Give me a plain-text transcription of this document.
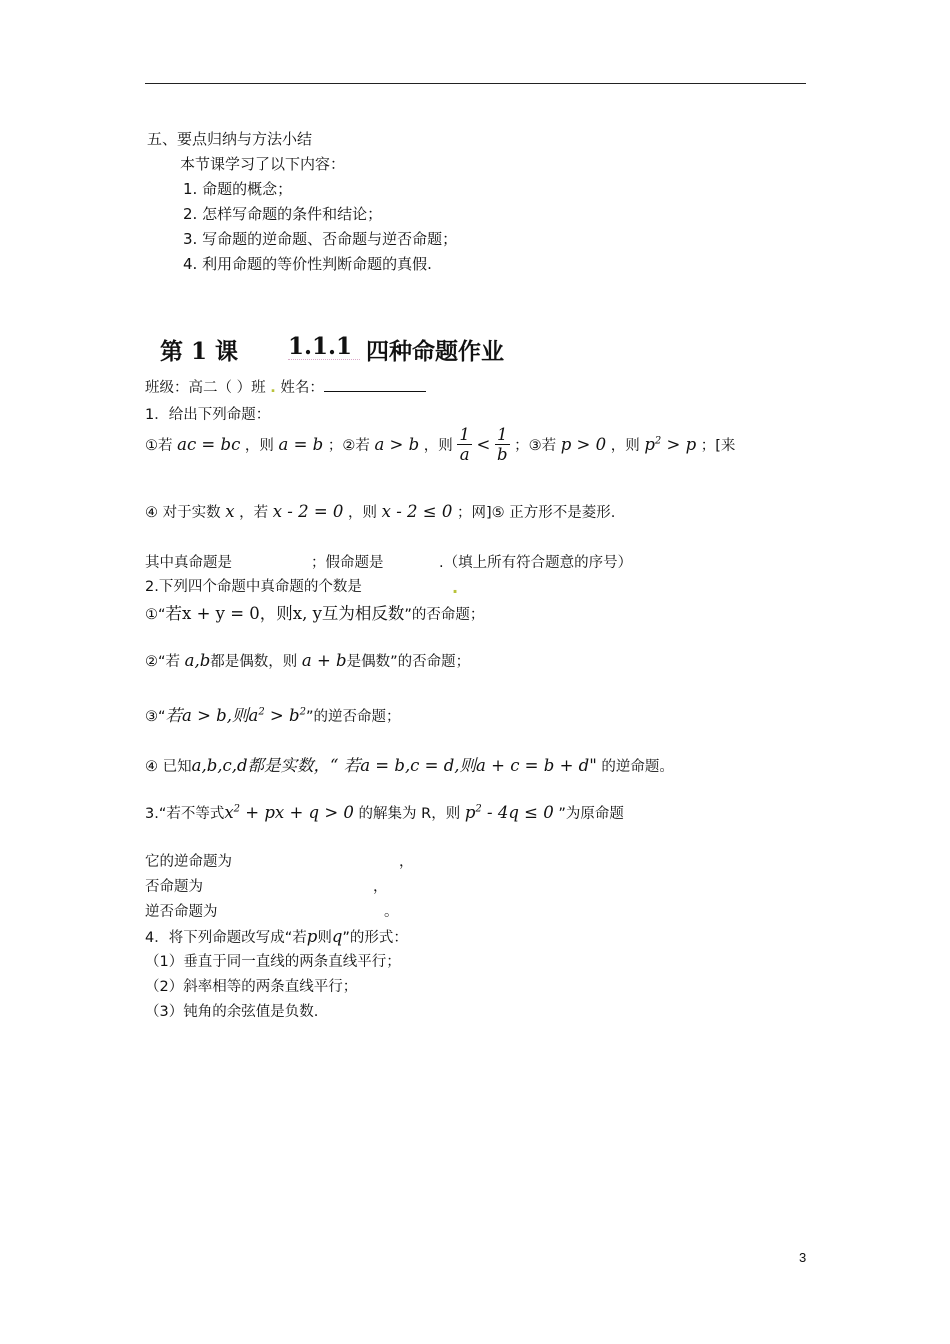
五、要点归纳与方法小结
本节课学习了以下内容：
1. 命题的概念；
2. 怎样写命题的条件和结论；
3. 写命题的逆命题、否命题与逆否命题；
4. 利用命题的等价性判断命题的真假.
第 1 课 1.1.1 四种命题作业
班级：高二（ ）班 . 姓名：
1．给出下列命题：
①若 ac = bc ，则 a = b ；②若 a > b ，则 $\frac{1}{a} < \frac{1}{b}$ ；③若 p > 0 ，则 $p^2 > p$ ；[来
④ 对于实数 x ，若 x - 2 = 0 ，则 x - 2 ≤ 0 ；网]⑤ 正方形不是菱形.
其中真命题是	；假命题是	.（填上所有符合题意的序号）
2.下列四个命题中真命题的个数是	.
①“若x + y = 0，则x, y互为相反数”的否命题；
②“若 a,b都是偶数，则 a + b是偶数”的否命题；
③“若a > b,则$a^2 > b^2$”的逆否命题；
④ 已知a,b,c,d都是实数，“ 若a = b,c = d,则a + c = b + d" 的逆命题。
3.“若不等式$x^2$ + px + q > 0 的解集为 R，则 $p^2 - 4q \le 0$ ”为原命题
它的逆命题为	，
否命题为	，
逆否命题为	。
4．将下列命题改写成“若p则q”的形式：
（1）垂直于同一直线的两条直线平行；
（2）斜率相等的两条直线平行；
（3）钝角的余弦值是负数.
3
